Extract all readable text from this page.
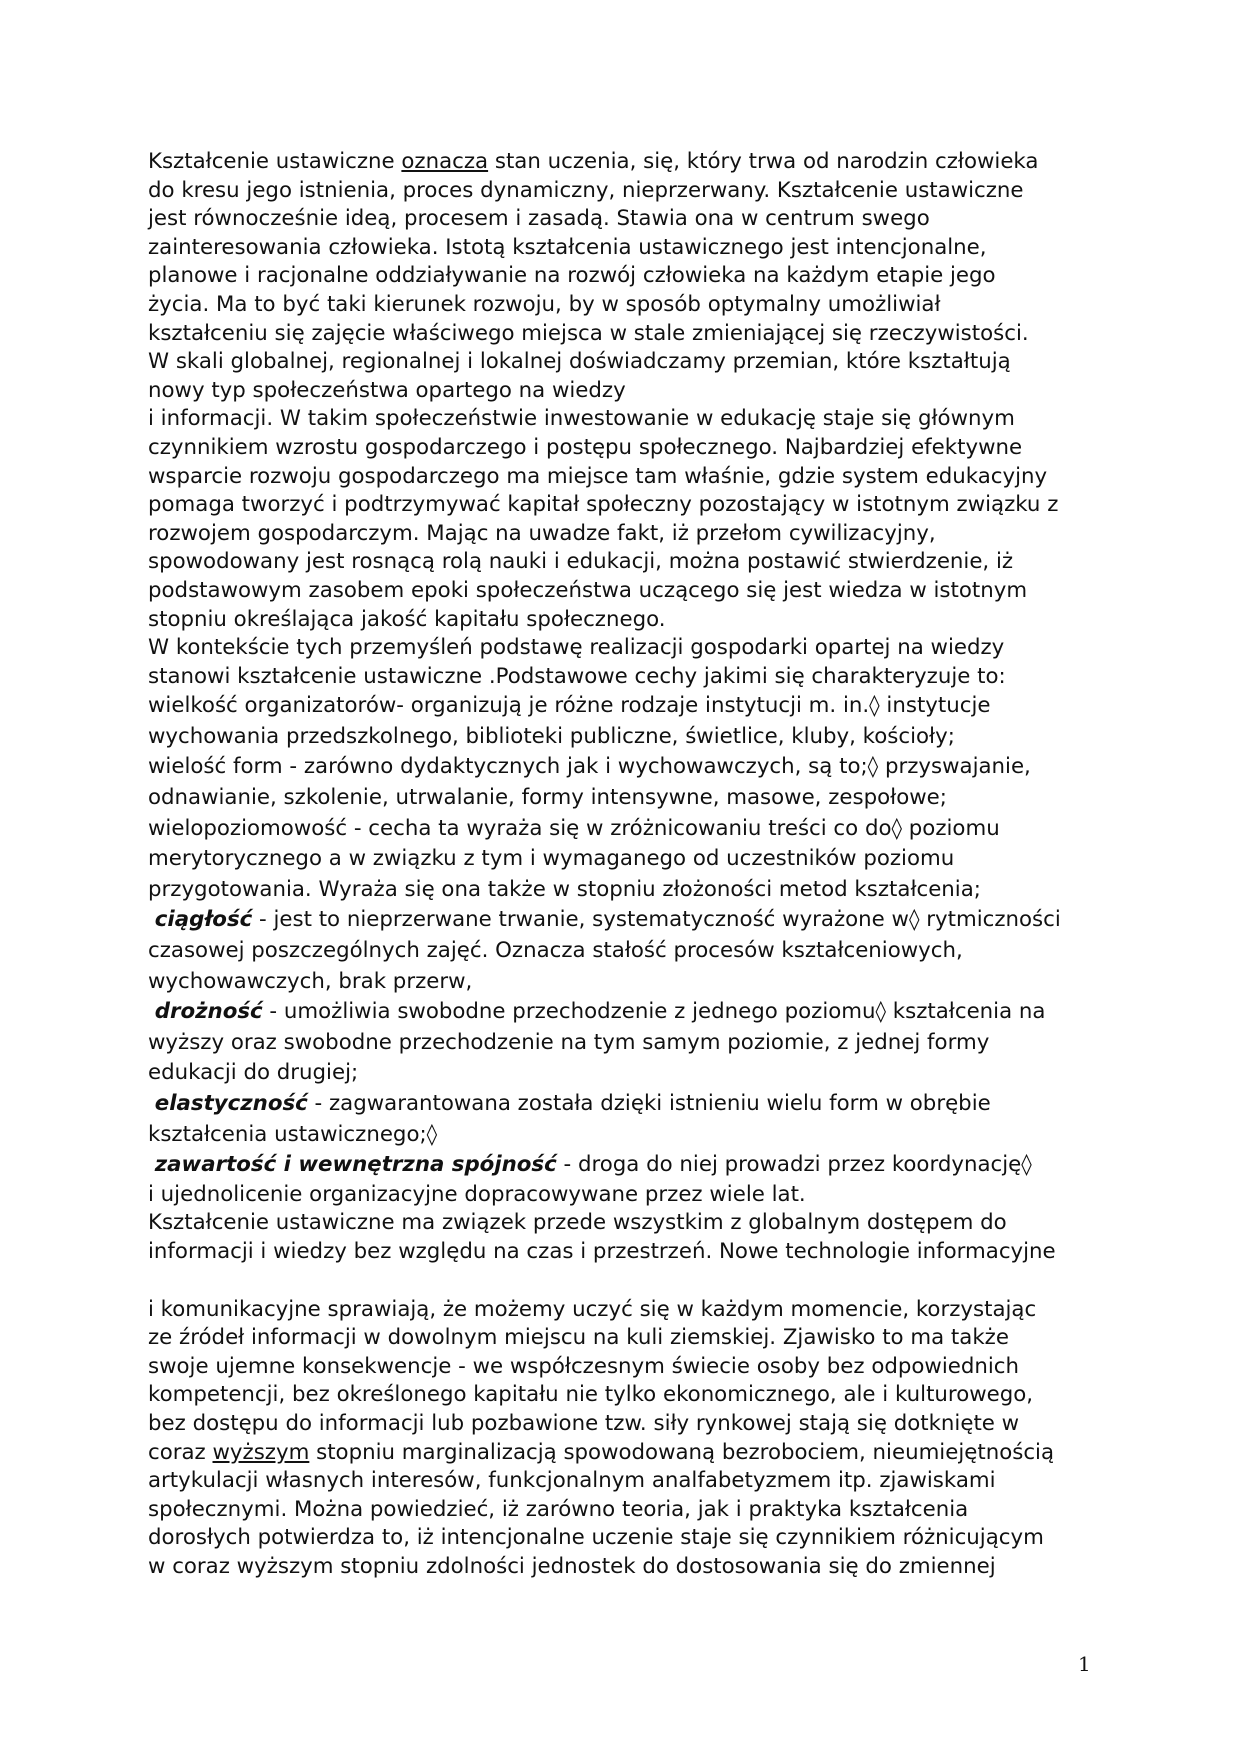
Kształcenie ustawiczne oznacza stan uczenia, się, który trwa od narodzin człowieka
do kresu jego istnienia, proces dynamiczny, nieprzerwany. Kształcenie ustawiczne
jest równocześnie ideą, procesem i zasadą. Stawia ona w centrum swego
zainteresowania człowieka. Istotą kształcenia ustawicznego jest intencjonalne,
planowe i racjonalne oddziaływanie na rozwój człowieka na każdym etapie jego
życia. Ma to być taki kierunek rozwoju, by w sposób optymalny umożliwiał
kształceniu się zajęcie właściwego miejsca w stale zmieniającej się rzeczywistości.
W skali globalnej, regionalnej i lokalnej doświadczamy przemian, które kształtują
nowy typ społeczeństwa opartego na wiedzy
i informacji. W takim społeczeństwie inwestowanie w edukację staje się głównym
czynnikiem wzrostu gospodarczego i postępu społecznego. Najbardziej efektywne
wsparcie rozwoju gospodarczego ma miejsce tam właśnie, gdzie system edukacyjny
pomaga tworzyć i podtrzymywać kapitał społeczny pozostający w istotnym związku z
rozwojem gospodarczym. Mając na uwadze fakt, iż przełom cywilizacyjny,
spowodowany jest rosnącą rolą nauki i edukacji, można postawić stwierdzenie, iż
podstawowym zasobem epoki społeczeństwa uczącego się jest wiedza w istotnym
stopniu określająca jakość kapitału społecznego.
W kontekście tych przemyśleń podstawę realizacji gospodarki opartej na wiedzy
stanowi kształcenie ustawiczne .Podstawowe cechy jakimi się charakteryzuje to:
wielkość organizatorów- organizują je różne rodzaje instytucji m. in.◊ instytucje
wychowania przedszkolnego, biblioteki publiczne, świetlice, kluby, kościoły;
wielość form - zarówno dydaktycznych jak i wychowawczych, są to;◊ przyswajanie,
odnawianie, szkolenie, utrwalanie, formy intensywne, masowe, zespołowe;
wielopoziomowość - cecha ta wyraża się w zróżnicowaniu treści co do◊ poziomu
merytorycznego a w związku z tym i wymaganego od uczestników poziomu
przygotowania. Wyraża się ona także w stopniu złożoności metod kształcenia;
ciągłość - jest to nieprzerwane trwanie, systematyczność wyrażone w◊ rytmiczności
czasowej poszczególnych zajęć. Oznacza stałość procesów kształceniowych,
wychowawczych, brak przerw,
drożność - umożliwia swobodne przechodzenie z jednego poziomu◊ kształcenia na
wyższy oraz swobodne przechodzenie na tym samym poziomie, z jednej formy
edukacji do drugiej;
elastyczność - zagwarantowana została dzięki istnieniu wielu form w obrębie
kształcenia ustawicznego;◊
zawartość i wewnętrzna spójność - droga do niej prowadzi przez koordynację◊
i ujednolicenie organizacyjne dopracowywane przez wiele lat.
Kształcenie ustawiczne ma związek przede wszystkim z globalnym dostępem do
informacji i wiedzy bez względu na czas i przestrzeń. Nowe technologie informacyjne
i komunikacyjne sprawiają, że możemy uczyć się w każdym momencie, korzystając
ze źródeł informacji w dowolnym miejscu na kuli ziemskiej. Zjawisko to ma także
swoje ujemne konsekwencje - we współczesnym świecie osoby bez odpowiednich
kompetencji, bez określonego kapitału nie tylko ekonomicznego, ale i kulturowego,
bez dostępu do informacji lub pozbawione tzw. siły rynkowej stają się dotknięte w
coraz wyższym stopniu marginalizacją spowodowaną bezrobociem, nieumiejętnością
artykulacji własnych interesów, funkcjonalnym analfabetyzmem itp. zjawiskami
społecznymi. Można powiedzieć, iż zarówno teoria, jak i praktyka kształcenia
dorosłych potwierdza to, iż intencjonalne uczenie staje się czynnikiem różnicującym
w coraz wyższym stopniu zdolności jednostek do dostosowania się do zmiennej
1
